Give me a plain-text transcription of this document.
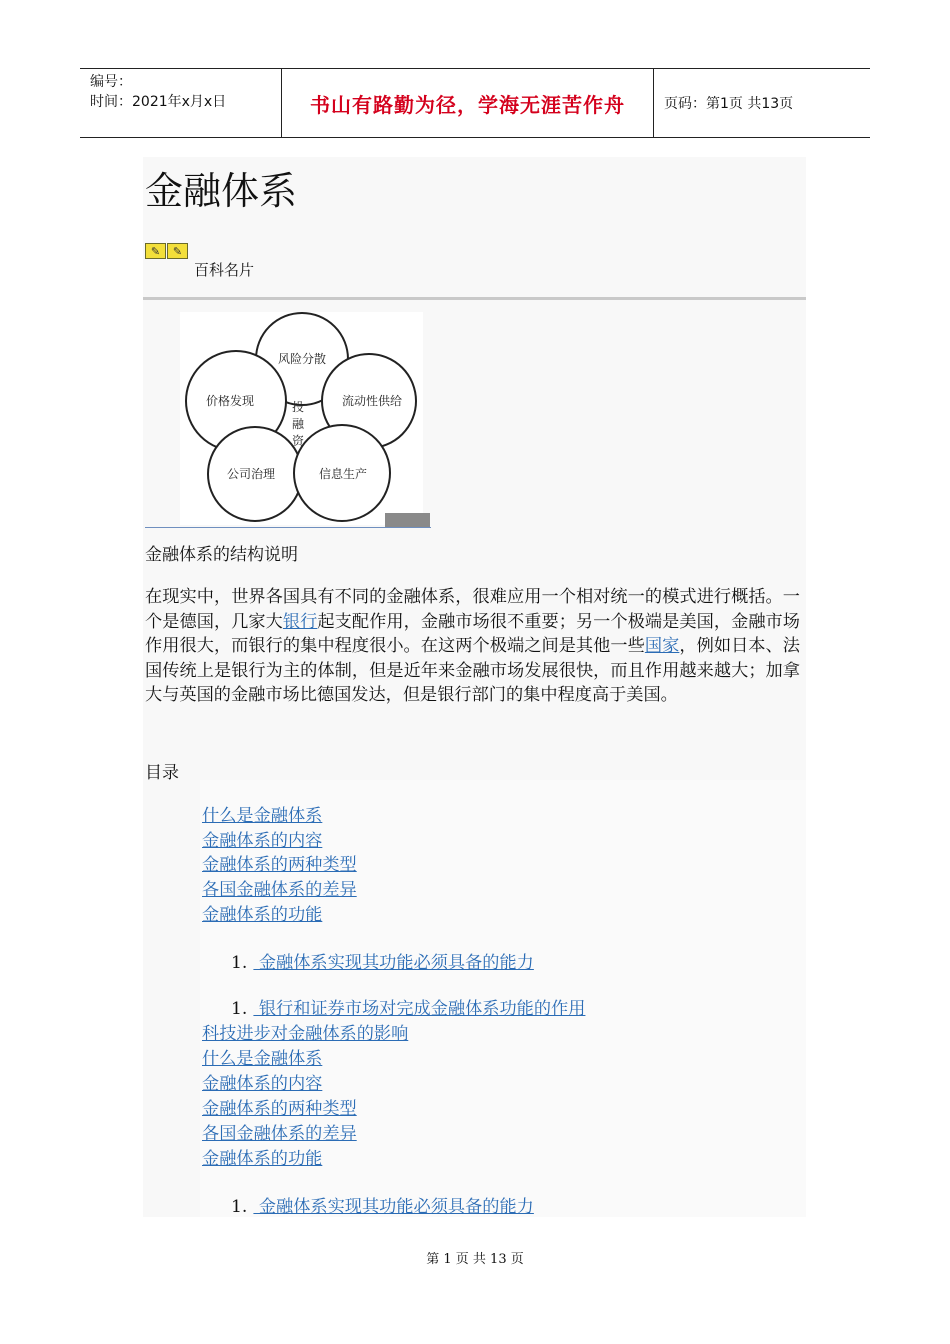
编号：
时间：2021年x月x日	书山有路勤为径，学海无涯苦作舟	页码：第1页 共13页
金融体系
✎	✎
百科名片
风险分散
价格发现	流动性供给
公司治理	信息生产
投
融
资
金融体系的结构说明

在现实中，世界各国具有不同的金融体系，很难应用一个相对统一的模式进行概括。一个是德国，几家大银行起支配作用，金融市场很不重要；另一个极端是美国，金融市场作用很大，而银行的集中程度很小。在这两个极端之间是其他一些国家，例如日本、法国传统上是银行为主的体制，但是近年来金融市场发展很快，而且作用越来越大；加拿大与英国的金融市场比德国发达，但是银行部门的集中程度高于美国。

目录
什么是金融体系
金融体系的内容
金融体系的两种类型
各国金融体系的差异
金融体系的功能
1. 金融体系实现其功能必须具备的能力
1. 银行和证券市场对完成金融体系功能的作用
科技进步对金融体系的影响
什么是金融体系
金融体系的内容
金融体系的两种类型
各国金融体系的差异
金融体系的功能
1. 金融体系实现其功能必须具备的能力
第 1 页 共 13 页
